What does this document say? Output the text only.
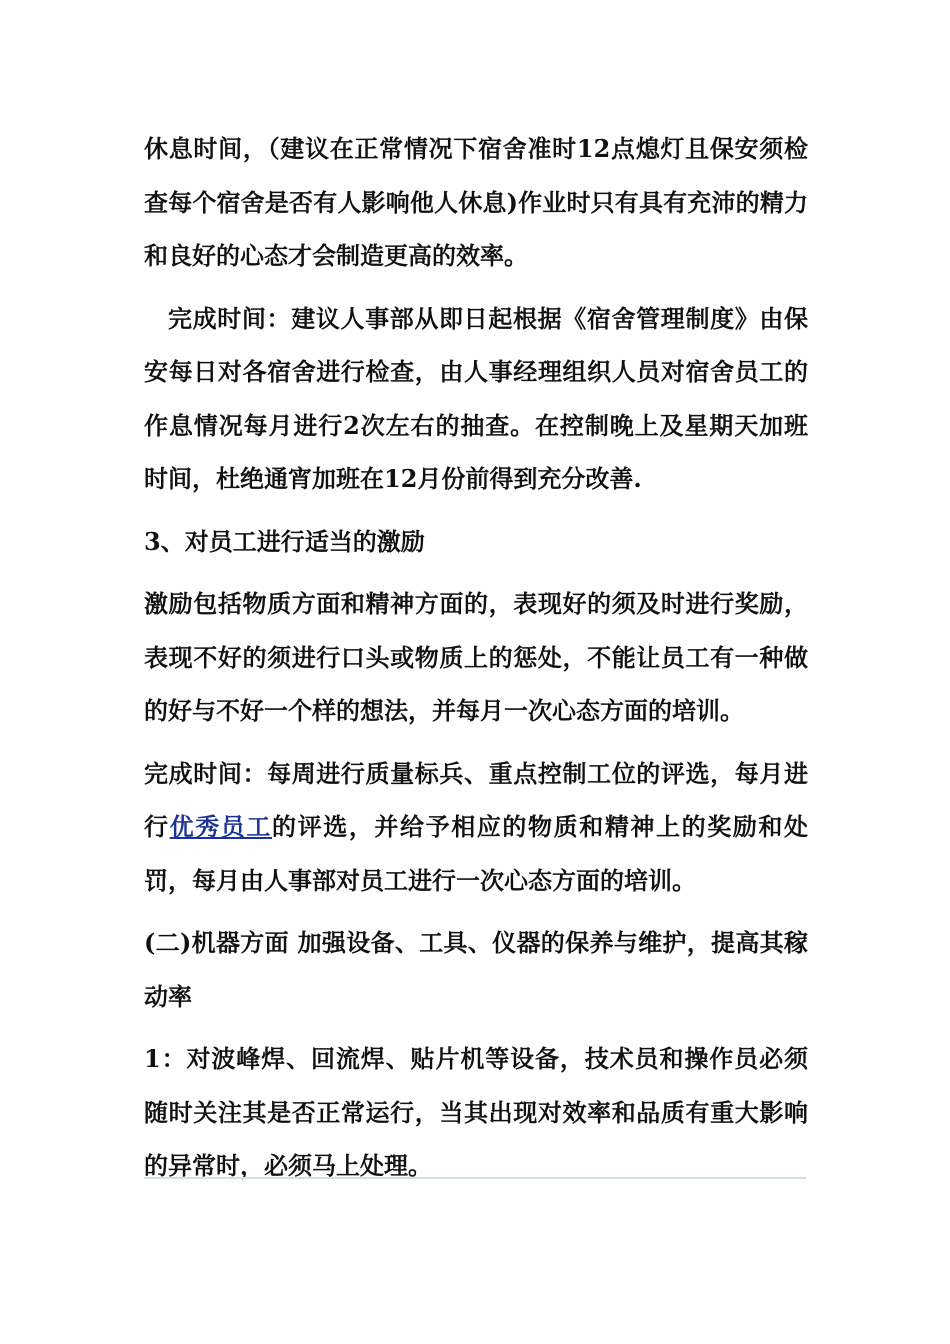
休息时间，（建议在正常情况下宿舍准时12点熄灯且保安须检查每个宿舍是否有人影响他人休息)作业时只有具有充沛的精力和良好的心态才会制造更高的效率。

完成时间：建议人事部从即日起根据《宿舍管理制度》由保安每日对各宿舍进行检查，由人事经理组织人员对宿舍员工的作息情况每月进行2次左右的抽查。在控制晚上及星期天加班时间，杜绝通宵加班在12月份前得到充分改善.

3、对员工进行适当的激励

激励包括物质方面和精神方面的，表现好的须及时进行奖励，表现不好的须进行口头或物质上的惩处，不能让员工有一种做的好与不好一个样的想法，并每月一次心态方面的培训。

完成时间：每周进行质量标兵、重点控制工位的评选，每月进行优秀员工的评选，并给予相应的物质和精神上的奖励和处罚，每月由人事部对员工进行一次心态方面的培训。

(二)机器方面 加强设备、工具、仪器的保养与维护，提高其稼动率

1：对波峰焊、回流焊、贴片机等设备，技术员和操作员必须随时关注其是否正常运行，当其出现对效率和品质有重大影响的异常时，必须马上处理。
